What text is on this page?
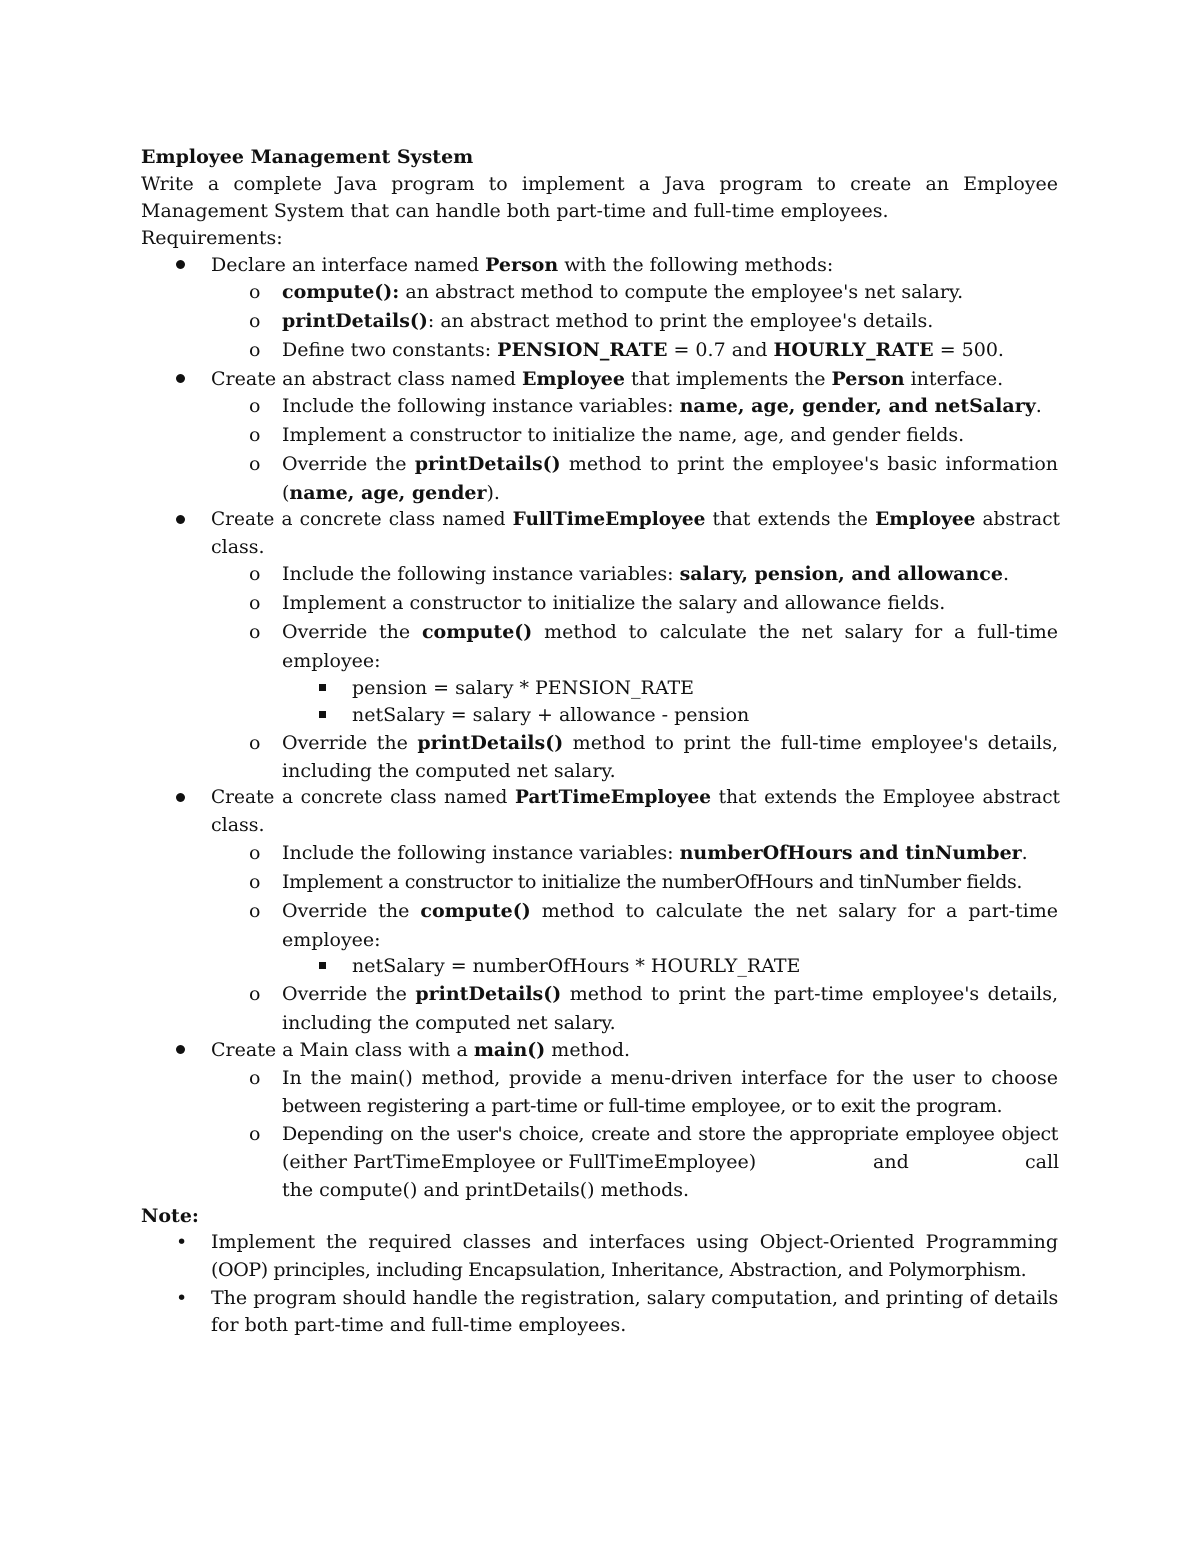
Employee Management System
Write a complete Java program to implement a Java program to create an Employee
Management System that can handle both part-time and full-time employees.
Requirements:
Declare an interface named Person with the following methods:
o compute(): an abstract method to compute the employee's net salary.
o printDetails(): an abstract method to print the employee's details.
o Define two constants: PENSION_RATE = 0.7 and HOURLY_RATE = 500.
Create an abstract class named Employee that implements the Person interface.
o Include the following instance variables: name, age, gender, and netSalary.
o Implement a constructor to initialize the name, age, and gender fields.
o Override the printDetails() method to print the employee's basic information
(name, age, gender).
Create a concrete class named FullTimeEmployee that extends the Employee abstract
class.
o Include the following instance variables: salary, pension, and allowance.
o Implement a constructor to initialize the salary and allowance fields.
o Override the compute() method to calculate the net salary for a full-time
employee:
pension = salary * PENSION_RATE
netSalary = salary + allowance - pension
o Override the printDetails() method to print the full-time employee's details,
including the computed net salary.
Create a concrete class named PartTimeEmployee that extends the Employee abstract
class.
o Include the following instance variables: numberOfHours and tinNumber.
o Implement a constructor to initialize the numberOfHours and tinNumber fields.
o Override the compute() method to calculate the net salary for a part-time
employee:
netSalary = numberOfHours * HOURLY_RATE
o Override the printDetails() method to print the part-time employee's details,
including the computed net salary.
Create a Main class with a main() method.
o In the main() method, provide a menu-driven interface for the user to choose
between registering a part-time or full-time employee, or to exit the program.
o Depending on the user's choice, create and store the appropriate employee object
(either PartTimeEmployee or FullTimeEmployee)	and	call
the compute() and printDetails() methods.
Note:
• Implement the required classes and interfaces using Object-Oriented Programming
(OOP) principles, including Encapsulation, Inheritance, Abstraction, and Polymorphism.
• The program should handle the registration, salary computation, and printing of details
for both part-time and full-time employees.
